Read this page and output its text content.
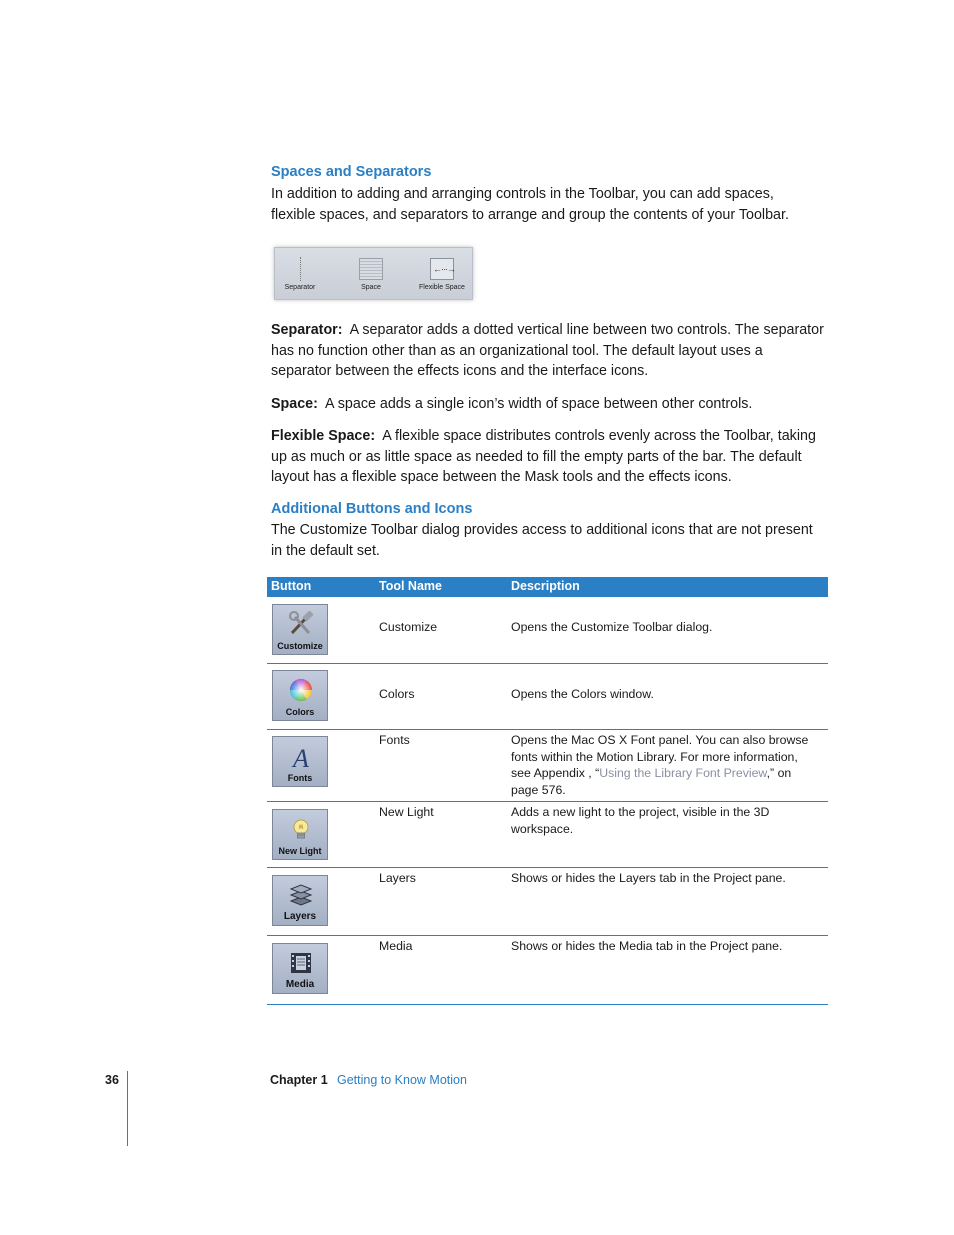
Spaces and Separators
In addition to adding and arranging controls in the Toolbar, you can add spaces,
flexible spaces, and separators to arrange and group the contents of your Toolbar.
Separator	Space
←···→
Flexible Space
Separator: A separator adds a dotted vertical line between two controls. The separator has no function other than as an organizational tool. The default layout uses a separator between the effects icons and the interface icons.
Space: A space adds a single icon’s width of space between other controls.
Flexible Space: A flexible space distributes controls evenly across the Toolbar, taking up as much or as little space as needed to fill the empty parts of the bar. The default layout has a flexible space between the Mask tools and the effects icons.
Additional Buttons and Icons
The Customize Toolbar dialog provides access to additional icons that are not present in the default set.
Button	Tool Name	Description
Customize
Customize	Opens the Customize Toolbar dialog.
Colors
Colors	Opens the Colors window.
A
Fonts
Fonts	Opens the Mac OS X Font panel. You can also browse fonts within the Motion Library. For more information, see Appendix , “Using the Library Font Preview,” on page 576.
New Light
New Light	Adds a new light to the project, visible in the 3D workspace.
Layers
Layers	Shows or hides the Layers tab in the Project pane.
Media
Media	Shows or hides the Media tab in the Project pane.
36	Chapter 1 Getting to Know Motion
